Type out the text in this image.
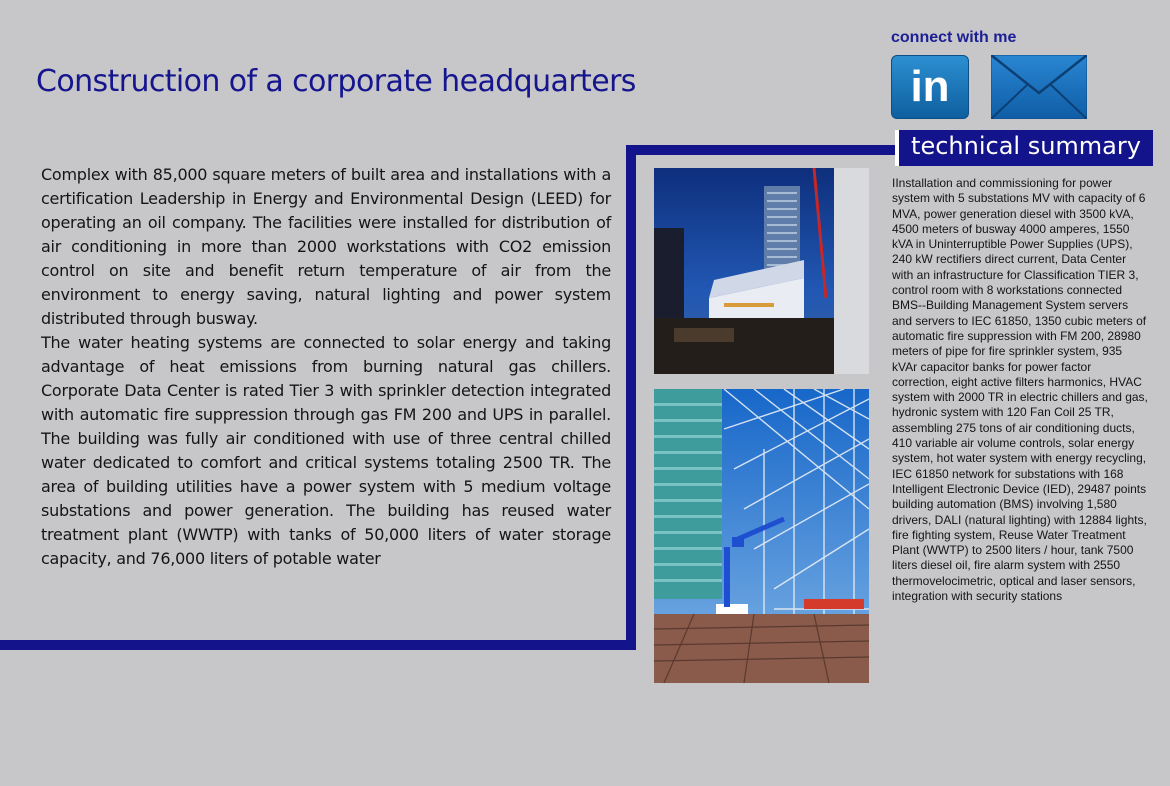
Construction of a corporate headquarters
connect with me
in
technical summary

Complex with 85,000 square meters of built area and installations with a certification Leadership in Energy and Environmental Design (LEED) for operating an oil company. The facilities were installed for distribution of air conditioning in more than 2000 workstations with CO2 emission control on site and benefit return temperature of air from the environment to energy saving, natural lighting and power system distributed through busway.

The water heating systems are connected to solar energy and taking advantage of heat emissions from burning natural gas chillers. Corporate Data Center is rated Tier 3 with sprinkler detection integrated with automatic fire suppression through gas FM 200 and UPS in parallel. The building was fully air conditioned with use of three central chilled water dedicated to comfort and critical systems totaling 2500 TR. The area of building utilities have a power system with 5 medium voltage substations and power generation. The building has reused water treatment plant (WWTP) with tanks of 50,000 liters of water storage capacity, and 76,000 liters of potable water

IInstallation and commissioning for power system with 5 substations MV with capacity of 6 MVA, power generation diesel with 3500 kVA, 4500 meters of busway 4000 amperes, 1550 kVA in Uninterruptible Power Supplies (UPS), 240 kW rectifiers direct current, Data Center with an infrastructure for Classification TIER 3, control room with 8 workstations connected BMS--Building Management System servers and servers to IEC 61850, 1350 cubic meters of automatic fire suppression with FM 200, 28980 meters of pipe for fire sprinkler system, 935 kVAr capacitor banks for power factor correction, eight active filters harmonics, HVAC system with 2000 TR in electric chillers and gas, hydronic system with 120 Fan Coil 25 TR, assembling 275 tons of air conditioning ducts, 410 variable air volume controls, solar energy system, hot water system with energy recycling, IEC 61850 network for substations with 168 Intelligent Electronic Device (IED), 29487 points building automation (BMS) involving 1,580 drivers, DALI (natural lighting) with 12884 lights, fire fighting system, Reuse Water Treatment Plant (WWTP) to 2500 liters / hour, tank 7500 liters diesel oil, fire alarm system with 2550 thermovelocimetric, optical and laser sensors, integration with security stations
